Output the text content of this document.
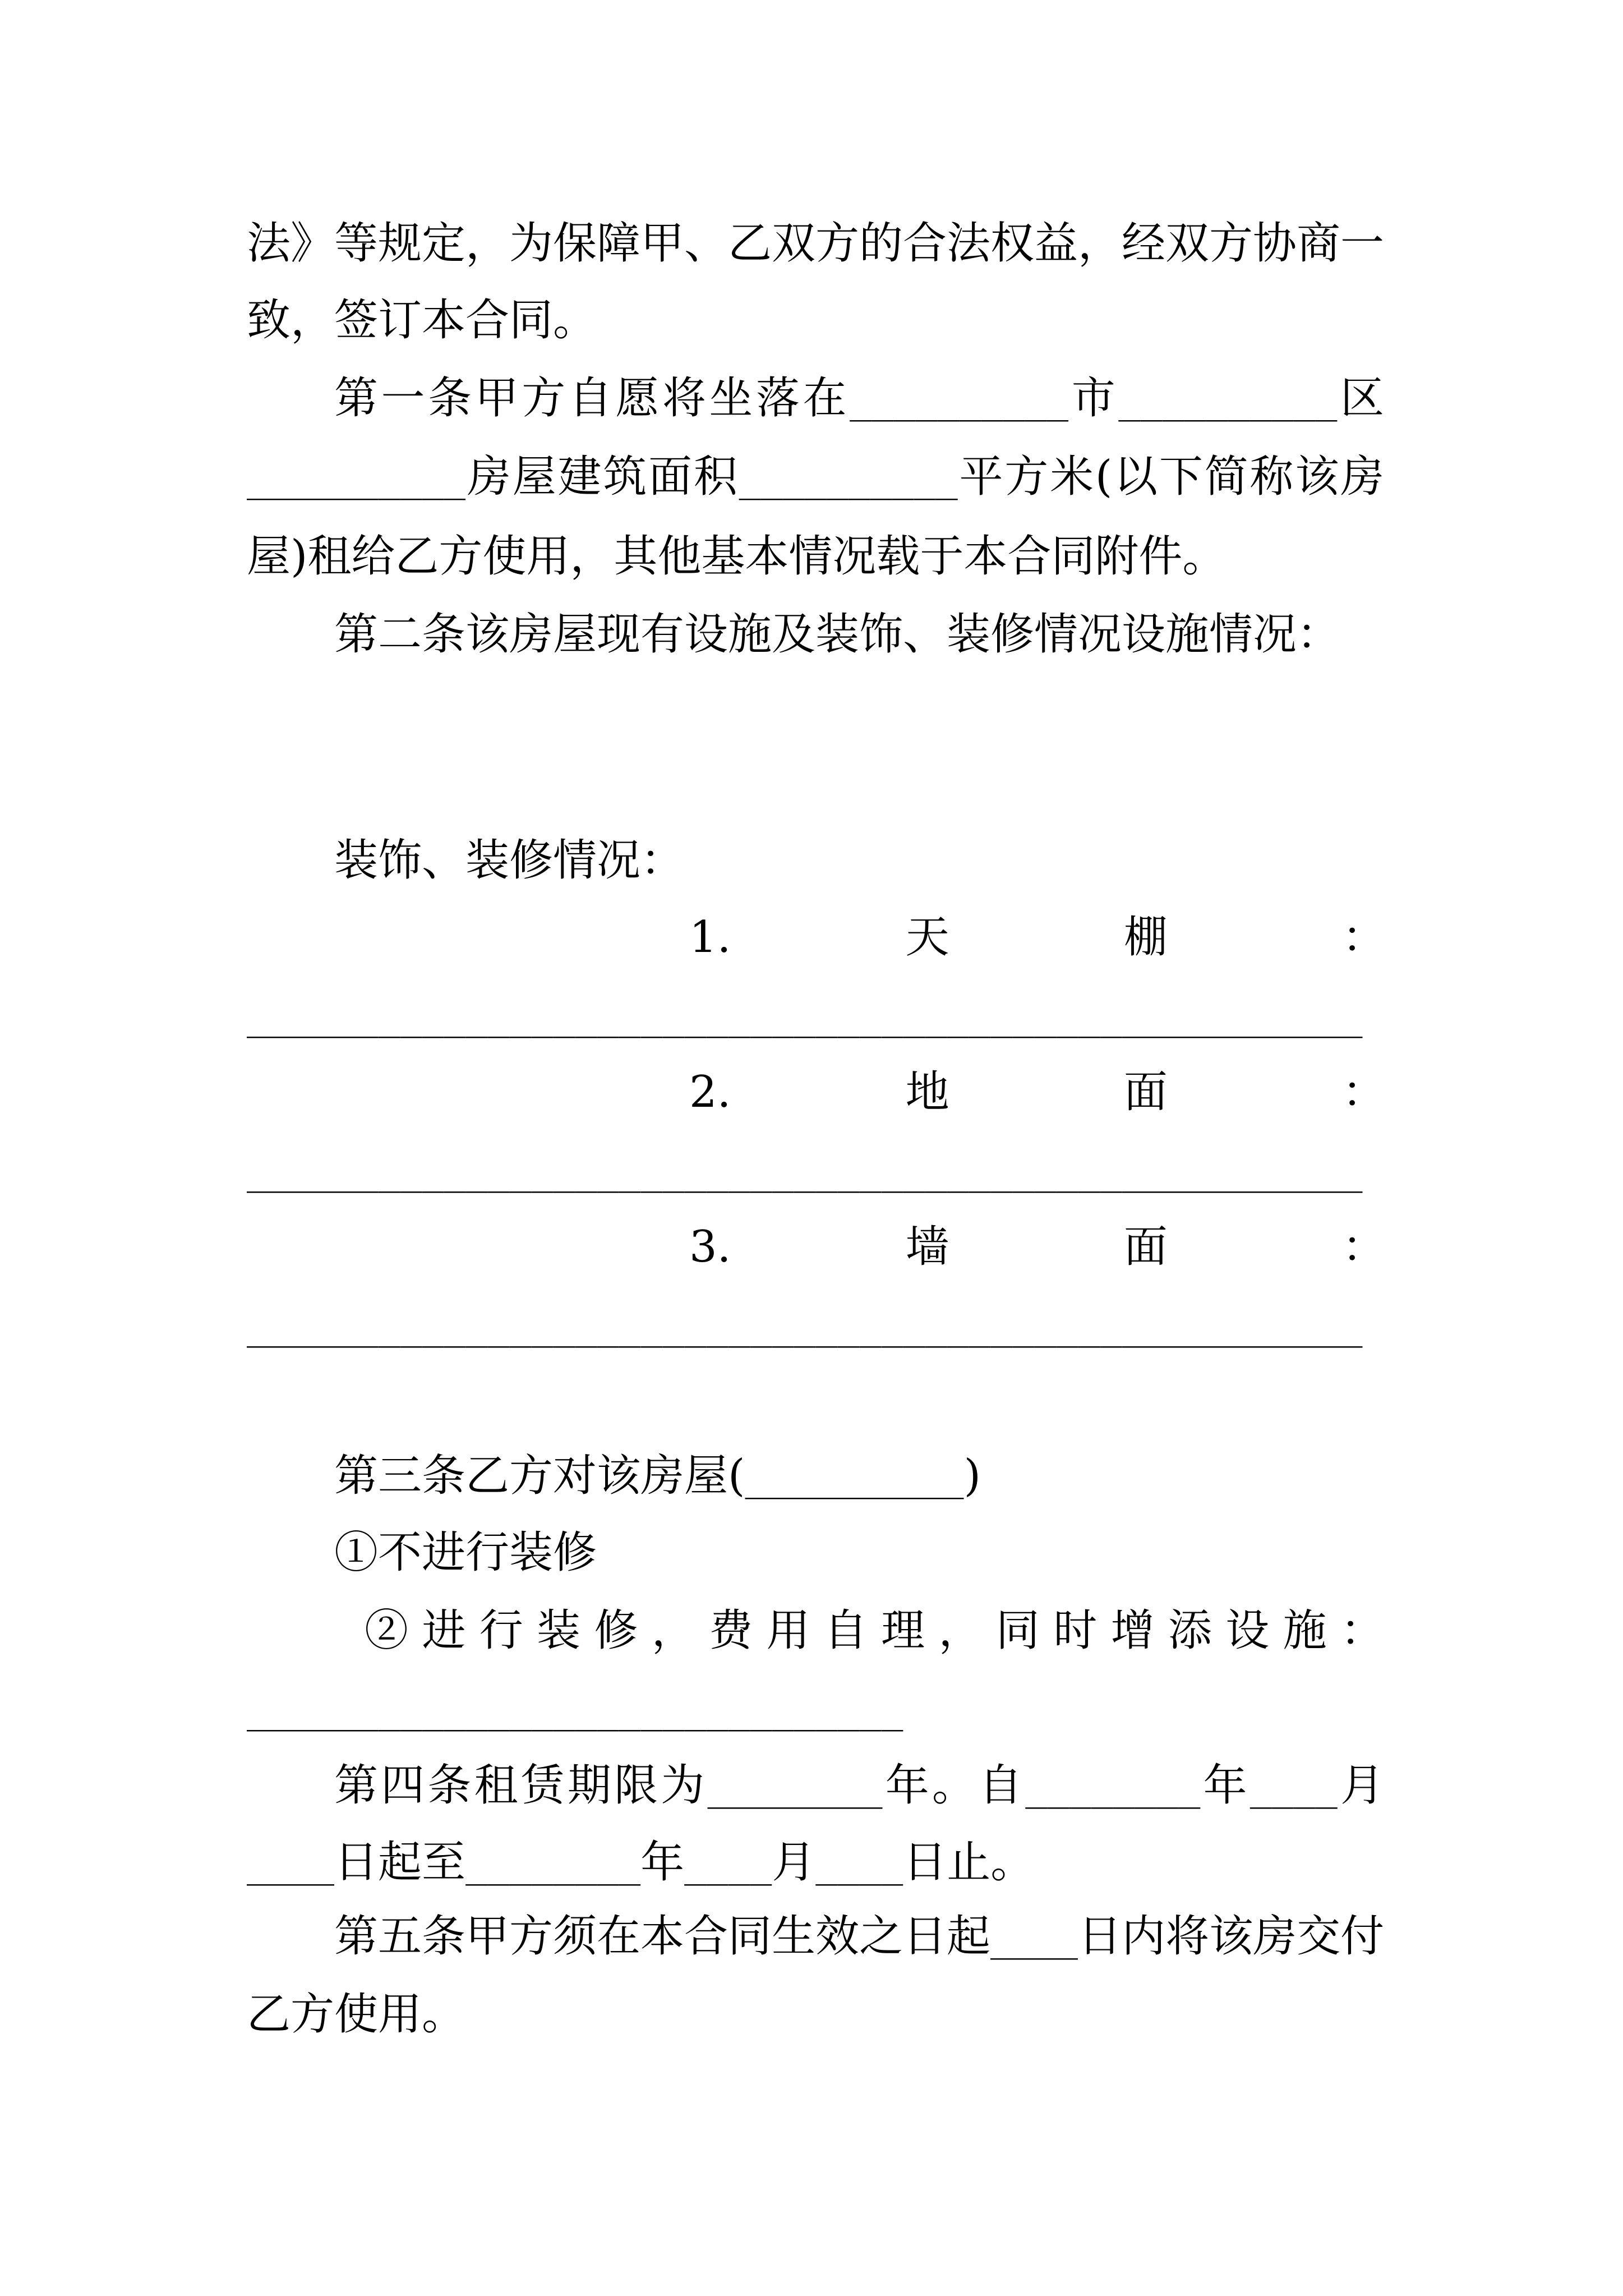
法》等规定，为保障甲、乙双方的合法权益，经双方协商一
致，签订本合同。
第一条甲方自愿将坐落在__________市__________区
__________房屋建筑面积__________平方米(以下简称该房
屋)租给乙方使用，其他基本情况载于本合同附件。
第二条该房屋现有设施及装饰、装修情况设施情况：
装饰、装修情况：
1.	天	棚	：
___________________________________________________
2.	地	面	：
___________________________________________________
3.	墙	面	：
___________________________________________________
第三条乙方对该房屋(__________)
①不进行装修
②进行装修，费用自理，同时增添设施：
______________________________
第四条租赁期限为________年。自________年____月
____日起至________年____月____日止。
第五条甲方须在本合同生效之日起____日内将该房交付
乙方使用。
